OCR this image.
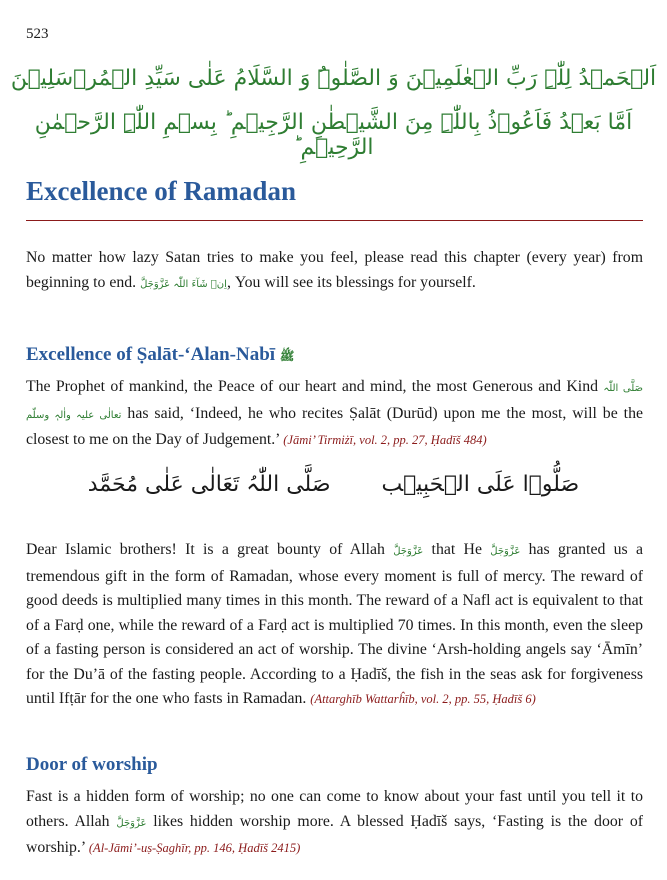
523
اَلۡحَمۡدُ لِلّٰہِ رَبِّ الۡعٰلَمِیۡنَ وَ الصَّلٰوۃُ وَ السَّلَامُ عَلٰی سَیِّدِ الۡمُرۡسَلِیۡنَ
اَمَّا بَعۡدُ فَاَعُوۡذُ بِاللّٰہِ مِنَ الشَّیۡطٰنِ الرَّجِیۡمِ ؕ بِسۡمِ اللّٰہِ الرَّحۡمٰنِ الرَّحِیۡمِ ؕ
Excellence of Ramadan

No matter how lazy Satan tries to make you feel, please read this chapter (every year) from beginning to end. اِنۡ شَآءَ اللّٰہ عَزَّوَجَلَّ, You will see its blessings for yourself.

Excellence of Ṣalāt-‘Alan-Nabī ﷺ

The Prophet of mankind, the Peace of our heart and mind, the most Generous and Kind صَلَّی اللّٰہ تعالٰی علیہ واٰلہٖ وسلّم has said, ‘Indeed, he who recites Ṣalāt (Durūd) upon me the most, will be the closest to me on the Day of Judgement.’ (Jāmi’ Tirmiżī, vol. 2, pp. 27, Ḥadīš 484)

صَلُّوۡا عَلَی الۡحَبِیۡب صَلَّی اللّٰہُ تَعَالٰی عَلٰی مُحَمَّد

Dear Islamic brothers! It is a great bounty of Allah عَزَّوَجَلَّ that He عَزَّوَجَلَّ has granted us a tremendous gift in the form of Ramadan, whose every moment is full of mercy. The reward of good deeds is multiplied many times in this month. The reward of a Nafl act is equivalent to that of a Farḍ one, while the reward of a Farḍ act is multiplied 70 times. In this month, even the sleep of a fasting person is considered an act of worship. The divine ‘Arsh-holding angels say ‘Āmīn’ for the Du’ā of the fasting people. According to a Ḥadīš, the fish in the seas ask for forgiveness until Ifṭār for the one who fasts in Ramadan. (Attarghīb Wattarĥīb, vol. 2, pp. 55, Ḥadīš 6)

Door of worship

Fast is a hidden form of worship; no one can come to know about your fast until you tell it to others. Allah عَزَّوَجَلَّ likes hidden worship more. A blessed Ḥadīš says, ‘Fasting is the door of worship.’ (Al-Jāmi’-uṣ-Ṣaghīr, pp. 146, Ḥadīš 2415)
